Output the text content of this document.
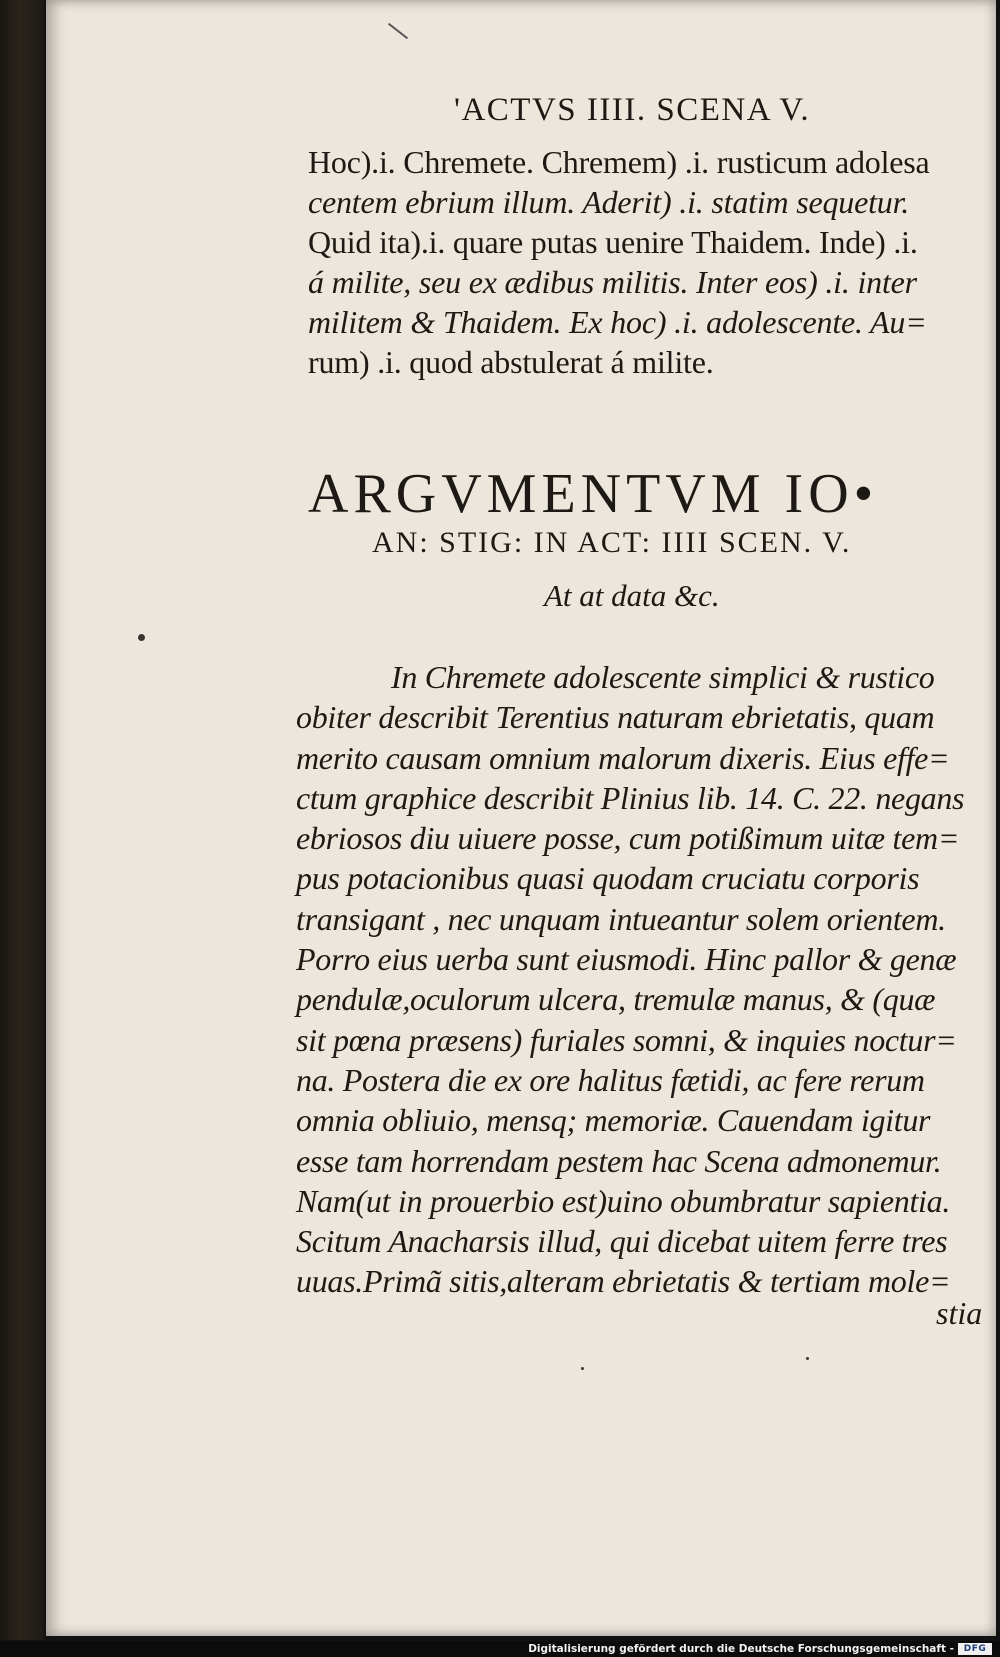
'ACTVS IIII. SCENA V.
Hoc).i. Chremete. Chremem) .i. rusticum adolesa
centem ebrium illum. Aderit) .i. statim sequetur.
Quid ita).i. quare putas uenire Thaidem. Inde) .i.
á milite, seu ex ædibus militis. Inter eos) .i. inter
militem & Thaidem. Ex hoc) .i. adolescente. Au=
rum) .i. quod abstulerat á milite.
ARGVMENTVM IO•
AN: STIG: IN ACT: IIII SCEN. V.
At at data &c.
In Chremete adolescente simplici & rustico
obiter describit Terentius naturam ebrietatis, quam
merito causam omnium malorum dixeris. Eius effe=
ctum graphice describit Plinius lib. 14. C. 22. negans
ebriosos diu uiuere posse, cum potißimum uitæ tem=
pus potacionibus quasi quodam cruciatu corporis
transigant , nec unquam intueantur solem orientem.
Porro eius uerba sunt eiusmodi. Hinc pallor & genæ
pendulæ,oculorum ulcera, tremulæ manus, & (quæ
sit pœna præsens) furiales somni, & inquies noctur=
na. Postera die ex ore halitus fætidi, ac fere rerum
omnia obliuio, mensq; memoriæ. Cauendam igitur
esse tam horrendam pestem hac Scena admonemur.
Nam(ut in prouerbio est)uino obumbratur sapientia.
Scitum Anacharsis illud, qui dicebat uitem ferre tres
uuas.Primã sitis,alteram ebrietatis & tertiam mole=
stia
Digitalisierung gefördert durch die Deutsche Forschungsgemeinschaft -	DFG
